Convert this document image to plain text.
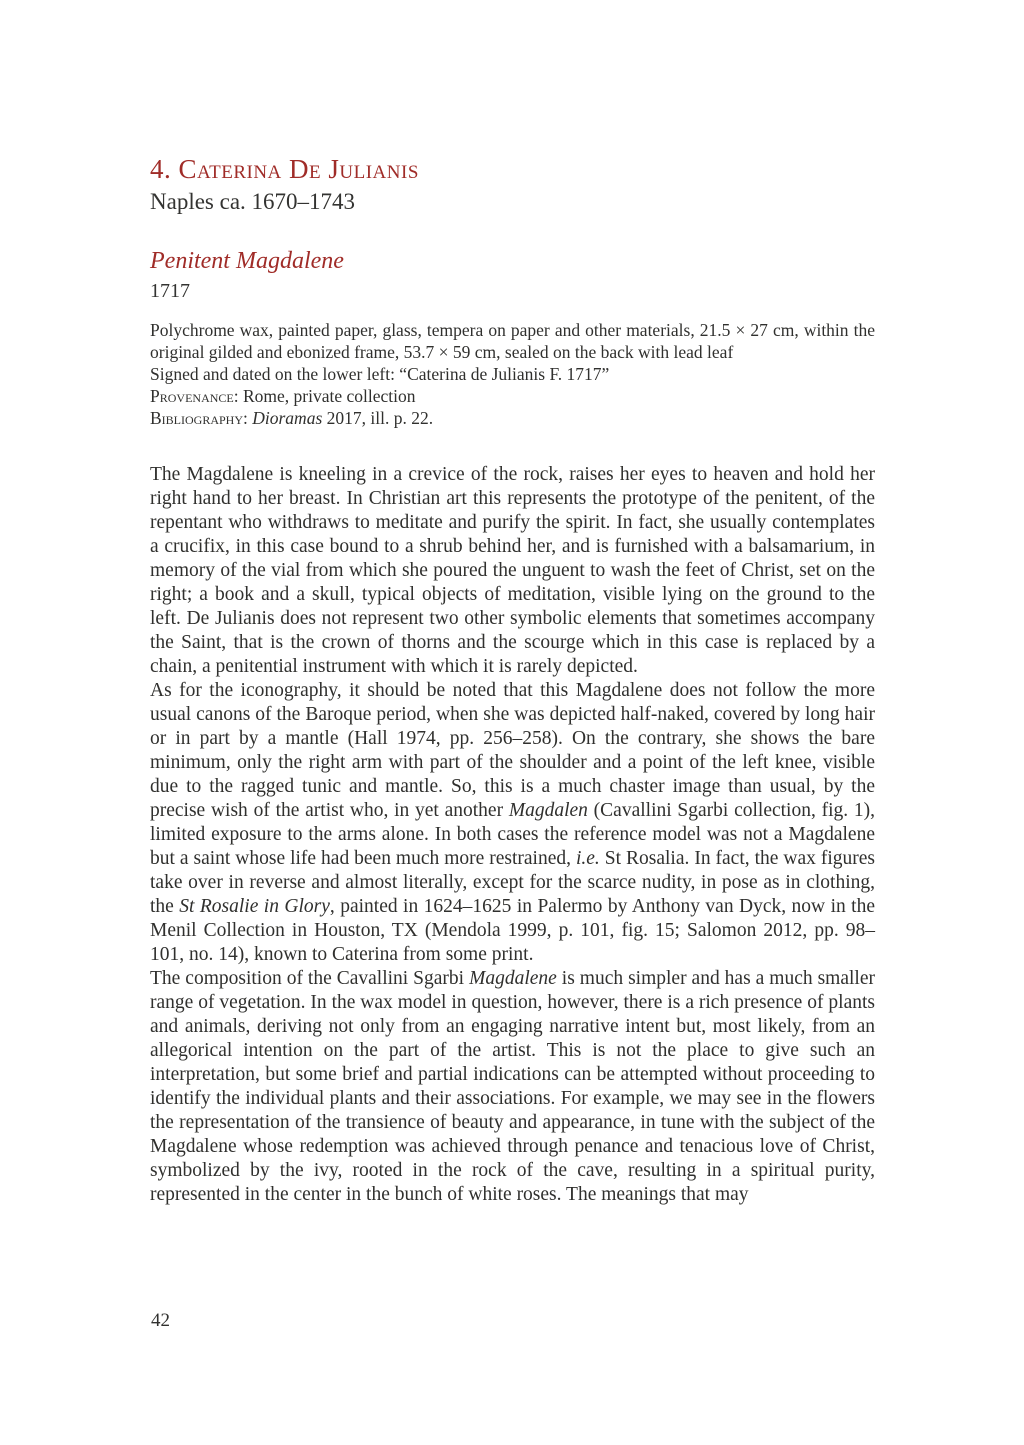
4. Caterina De Julianis
Naples ca. 1670–1743
Penitent Magdalene
1717

Polychrome wax, painted paper, glass, tempera on paper and other materials, 21.5 × 27 cm, within the original gilded and ebonized frame, 53.7 × 59 cm, sealed on the back with lead leaf

Signed and dated on the lower left: “Caterina de Julianis F. 1717”

Provenance: Rome, private collection

Bibliography: Dioramas 2017, ill. p. 22.

The Magdalene is kneeling in a crevice of the rock, raises her eyes to heaven and hold her right hand to her breast. In Christian art this represents the prototype of the penitent, of the repentant who withdraws to meditate and purify the spirit. In fact, she usually contemplates a crucifix, in this case bound to a shrub behind her, and is furnished with a balsamarium, in memory of the vial from which she poured the unguent to wash the feet of Christ, set on the right; a book and a skull, typical objects of meditation, visible lying on the ground to the left. De Julianis does not represent two other symbolic elements that sometimes accompany the Saint, that is the crown of thorns and the scourge which in this case is replaced by a chain, a penitential instrument with which it is rarely depicted.

As for the iconography, it should be noted that this Magdalene does not follow the more usual canons of the Baroque period, when she was depicted half-naked, covered by long hair or in part by a mantle (Hall 1974, pp. 256–258). On the contrary, she shows the bare minimum, only the right arm with part of the shoulder and a point of the left knee, visible due to the ragged tunic and mantle. So, this is a much chaster image than usual, by the precise wish of the artist who, in yet another Magdalen (Cavallini Sgarbi collection, fig. 1), limited exposure to the arms alone. In both cases the reference model was not a Magdalene but a saint whose life had been much more restrained, i.e. St Rosalia. In fact, the wax figures take over in reverse and almost literally, except for the scarce nudity, in pose as in clothing, the St Rosalie in Glory, painted in 1624–1625 in Palermo by Anthony van Dyck, now in the Menil Collection in Houston, TX (Mendola 1999, p. 101, fig. 15; Salomon 2012, pp. 98–101, no. 14), known to Caterina from some print.

The composition of the Cavallini Sgarbi Magdalene is much simpler and has a much smaller range of vegetation. In the wax model in question, however, there is a rich presence of plants and animals, deriving not only from an engaging narrative intent but, most likely, from an allegorical intention on the part of the artist. This is not the place to give such an interpretation, but some brief and partial indications can be attempted without proceeding to identify the individual plants and their associations. For example, we may see in the flowers the representation of the transience of beauty and appearance, in tune with the subject of the Magdalene whose redemption was achieved through penance and tenacious love of Christ, symbolized by the ivy, rooted in the rock of the cave, resulting in a spiritual purity, represented in the center in the bunch of white roses. The meanings that may

42
